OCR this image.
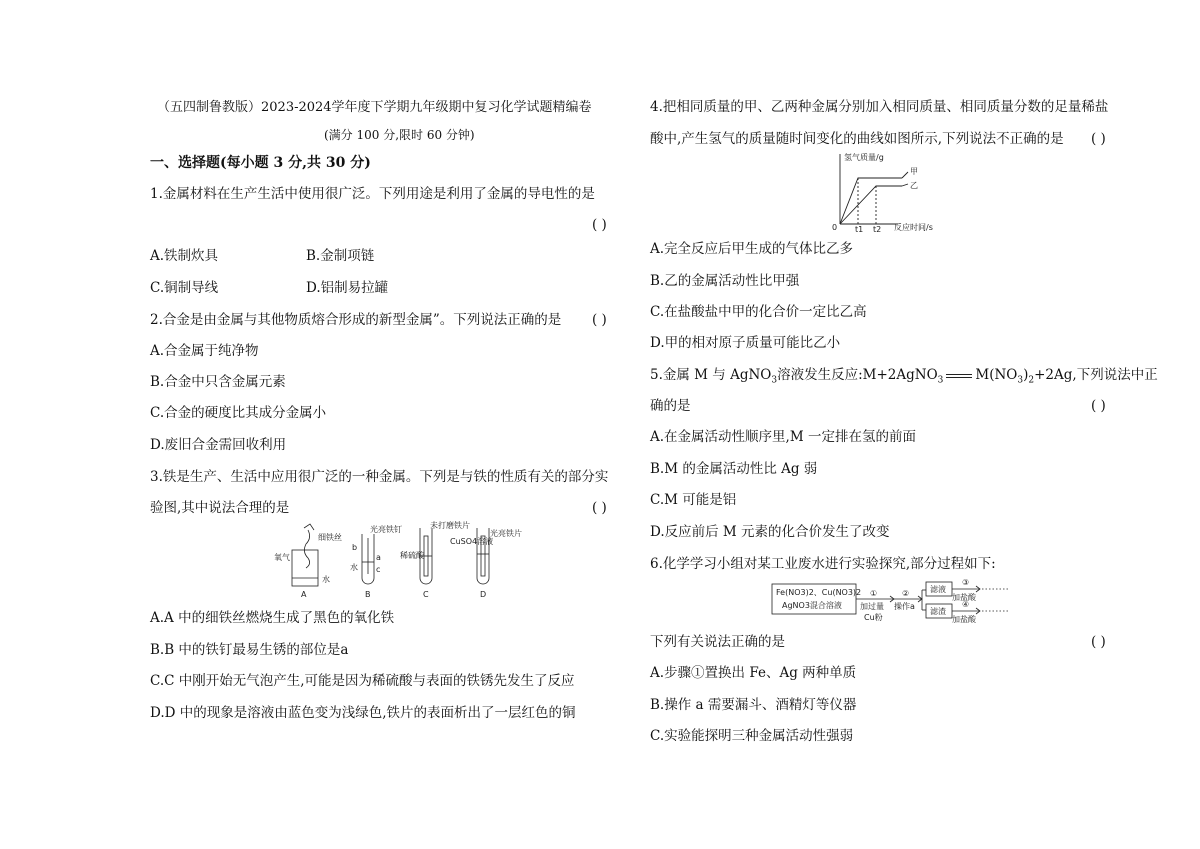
（五四制鲁教版）2023-2024学年度下学期九年级期中复习化学试题精编卷
(满分 100 分,限时 60 分钟)
一、选择题(每小题 3 分,共 30 分)
1.金属材料在生产生活中使用很广泛。下列用途是利用了金属的导电性的是
( )
A.铁制炊具	B.金制项链
C.铜制导线	D.铝制易拉罐
2.合金是由金属与其他物质熔合形成的新型金属”。下列说法正确的是 ( )
A.合金属于纯净物
B.合金中只含金属元素
C.合金的硬度比其成分金属小
D.废旧合金需回收利用
3.铁是生产、生活中应用很广泛的一种金属。下列是与铁的性质有关的部分实
验图,其中说法合理的是	( )
细铁丝
氧气
水
光亮铁钉
b
a
c
水
未打磨铁片
稀硫酸
CuSO4溶液
光亮铁片
A	B	C	D
A.A 中的细铁丝燃烧生成了黑色的氧化铁
B.B 中的铁钉最易生锈的部位是a
C.C 中刚开始无气泡产生,可能是因为稀硫酸与表面的铁锈先发生了反应
D.D 中的现象是溶液由蓝色变为浅绿色,铁片的表面析出了一层红色的铜
4.把相同质量的甲、乙两种金属分别加入相同质量、相同质量分数的足量稀盐
酸中,产生氢气的质量随时间变化的曲线如图所示,下列说法不正确的是 ( )
氢气质量/g
反应时间/s
0 t1 t2
甲
乙
A.完全反应后甲生成的气体比乙多
B.乙的金属活动性比甲强
C.在盐酸盐中甲的化合价一定比乙高
D.甲的相对原子质量可能比乙小
5.金属 M 与 AgNO$_3$溶液发生反应:M+2AgNO$_3$ $M(NO_3)_2+2Ag$,下列说法中正
确的是	( )
A.在金属活动性顺序里,M 一定排在氢的前面
B.M 的金属活动性比 Ag 弱
C.M 可能是铝
D.反应前后 M 元素的化合价发生了改变
6.化学学习小组对某工业废水进行实验探究,部分过程如下:
Fe(NO3)2、Cu(NO3)2
AgNO3混合溶液
①
加过量
Cu粉
②
操作a
滤液
滤渣
③
加盐酸
④
加盐酸
下列有关说法正确的是	( )
A.步骤①置换出 Fe、Ag 两种单质
B.操作 a 需要漏斗、酒精灯等仪器
C.实验能探明三种金属活动性强弱
